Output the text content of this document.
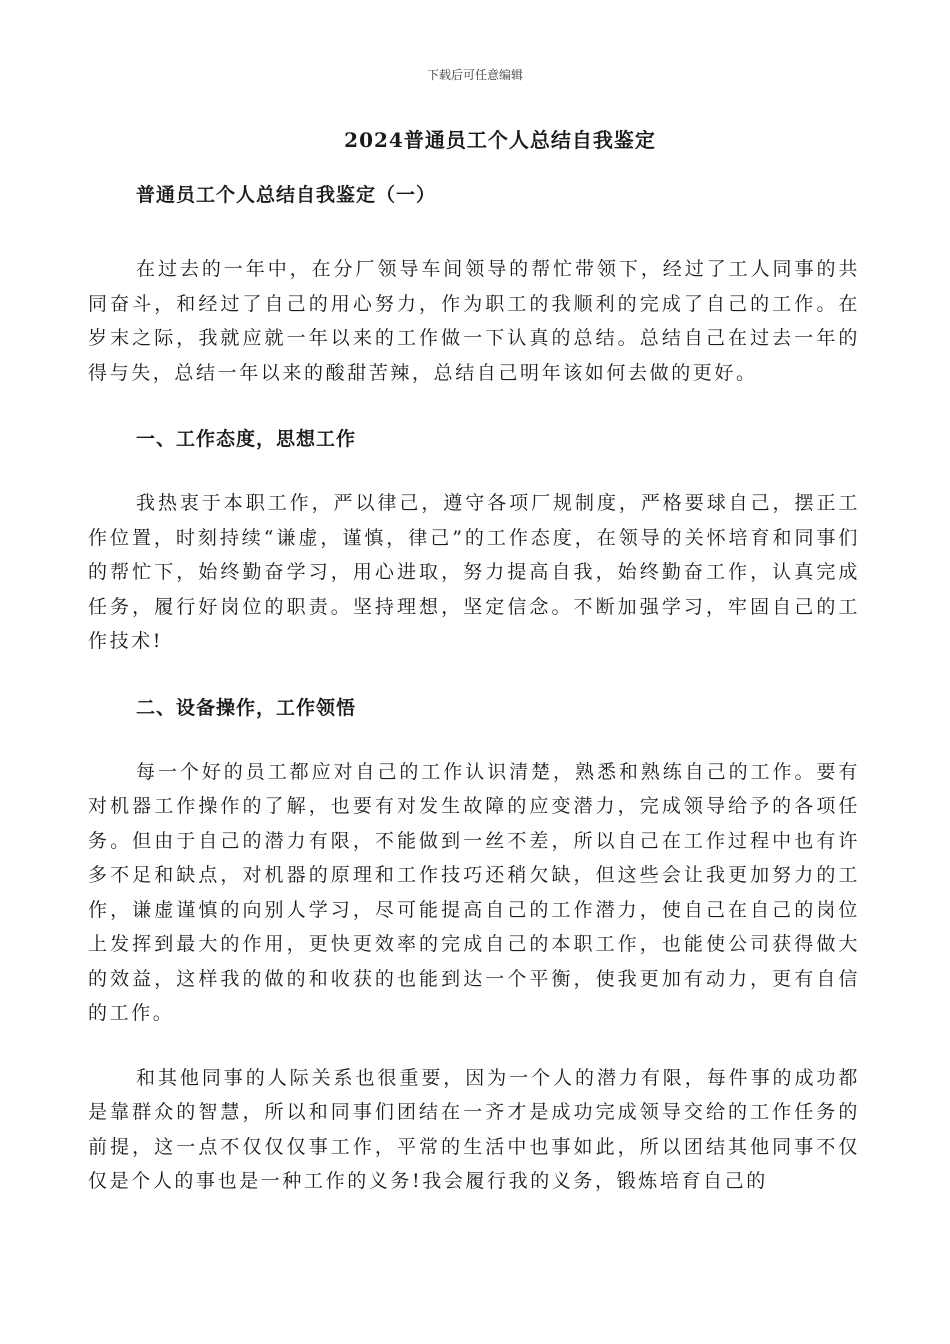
下载后可任意编辑
2024普通员工个人总结自我鉴定

普通员工个人总结自我鉴定（一）

在过去的一年中，在分厂领导车间领导的帮忙带领下，经过了工人同事的共同奋斗，和经过了自己的用心努力，作为职工的我顺利的完成了自己的工作。在岁末之际，我就应就一年以来的工作做一下认真的总结。总结自己在过去一年的得与失，总结一年以来的酸甜苦辣，总结自己明年该如何去做的更好。

一、工作态度，思想工作

我热衷于本职工作，严以律己，遵守各项厂规制度，严格要球自己，摆正工作位置，时刻持续“谦虚，谨慎，律己”的工作态度，在领导的关怀培育和同事们的帮忙下，始终勤奋学习，用心进取，努力提高自我，始终勤奋工作，认真完成任务，履行好岗位的职责。坚持理想，坚定信念。不断加强学习，牢固自己的工作技术!

二、设备操作，工作领悟

每一个好的员工都应对自己的工作认识清楚，熟悉和熟练自己的工作。要有对机器工作操作的了解，也要有对发生故障的应变潜力，完成领导给予的各项任务。但由于自己的潜力有限，不能做到一丝不差，所以自己在工作过程中也有许多不足和缺点，对机器的原理和工作技巧还稍欠缺，但这些会让我更加努力的工作，谦虚谨慎的向别人学习，尽可能提高自己的工作潜力，使自己在自己的岗位上发挥到最大的作用，更快更效率的完成自己的本职工作，也能使公司获得做大的效益，这样我的做的和收获的也能到达一个平衡，使我更加有动力，更有自信的工作。

和其他同事的人际关系也很重要，因为一个人的潜力有限，每件事的成功都是靠群众的智慧，所以和同事们团结在一齐才是成功完成领导交给的工作任务的前提，这一点不仅仅仅事工作，平常的生活中也事如此，所以团结其他同事不仅仅是个人的事也是一种工作的义务!我会履行我的义务，锻炼培育自己的
